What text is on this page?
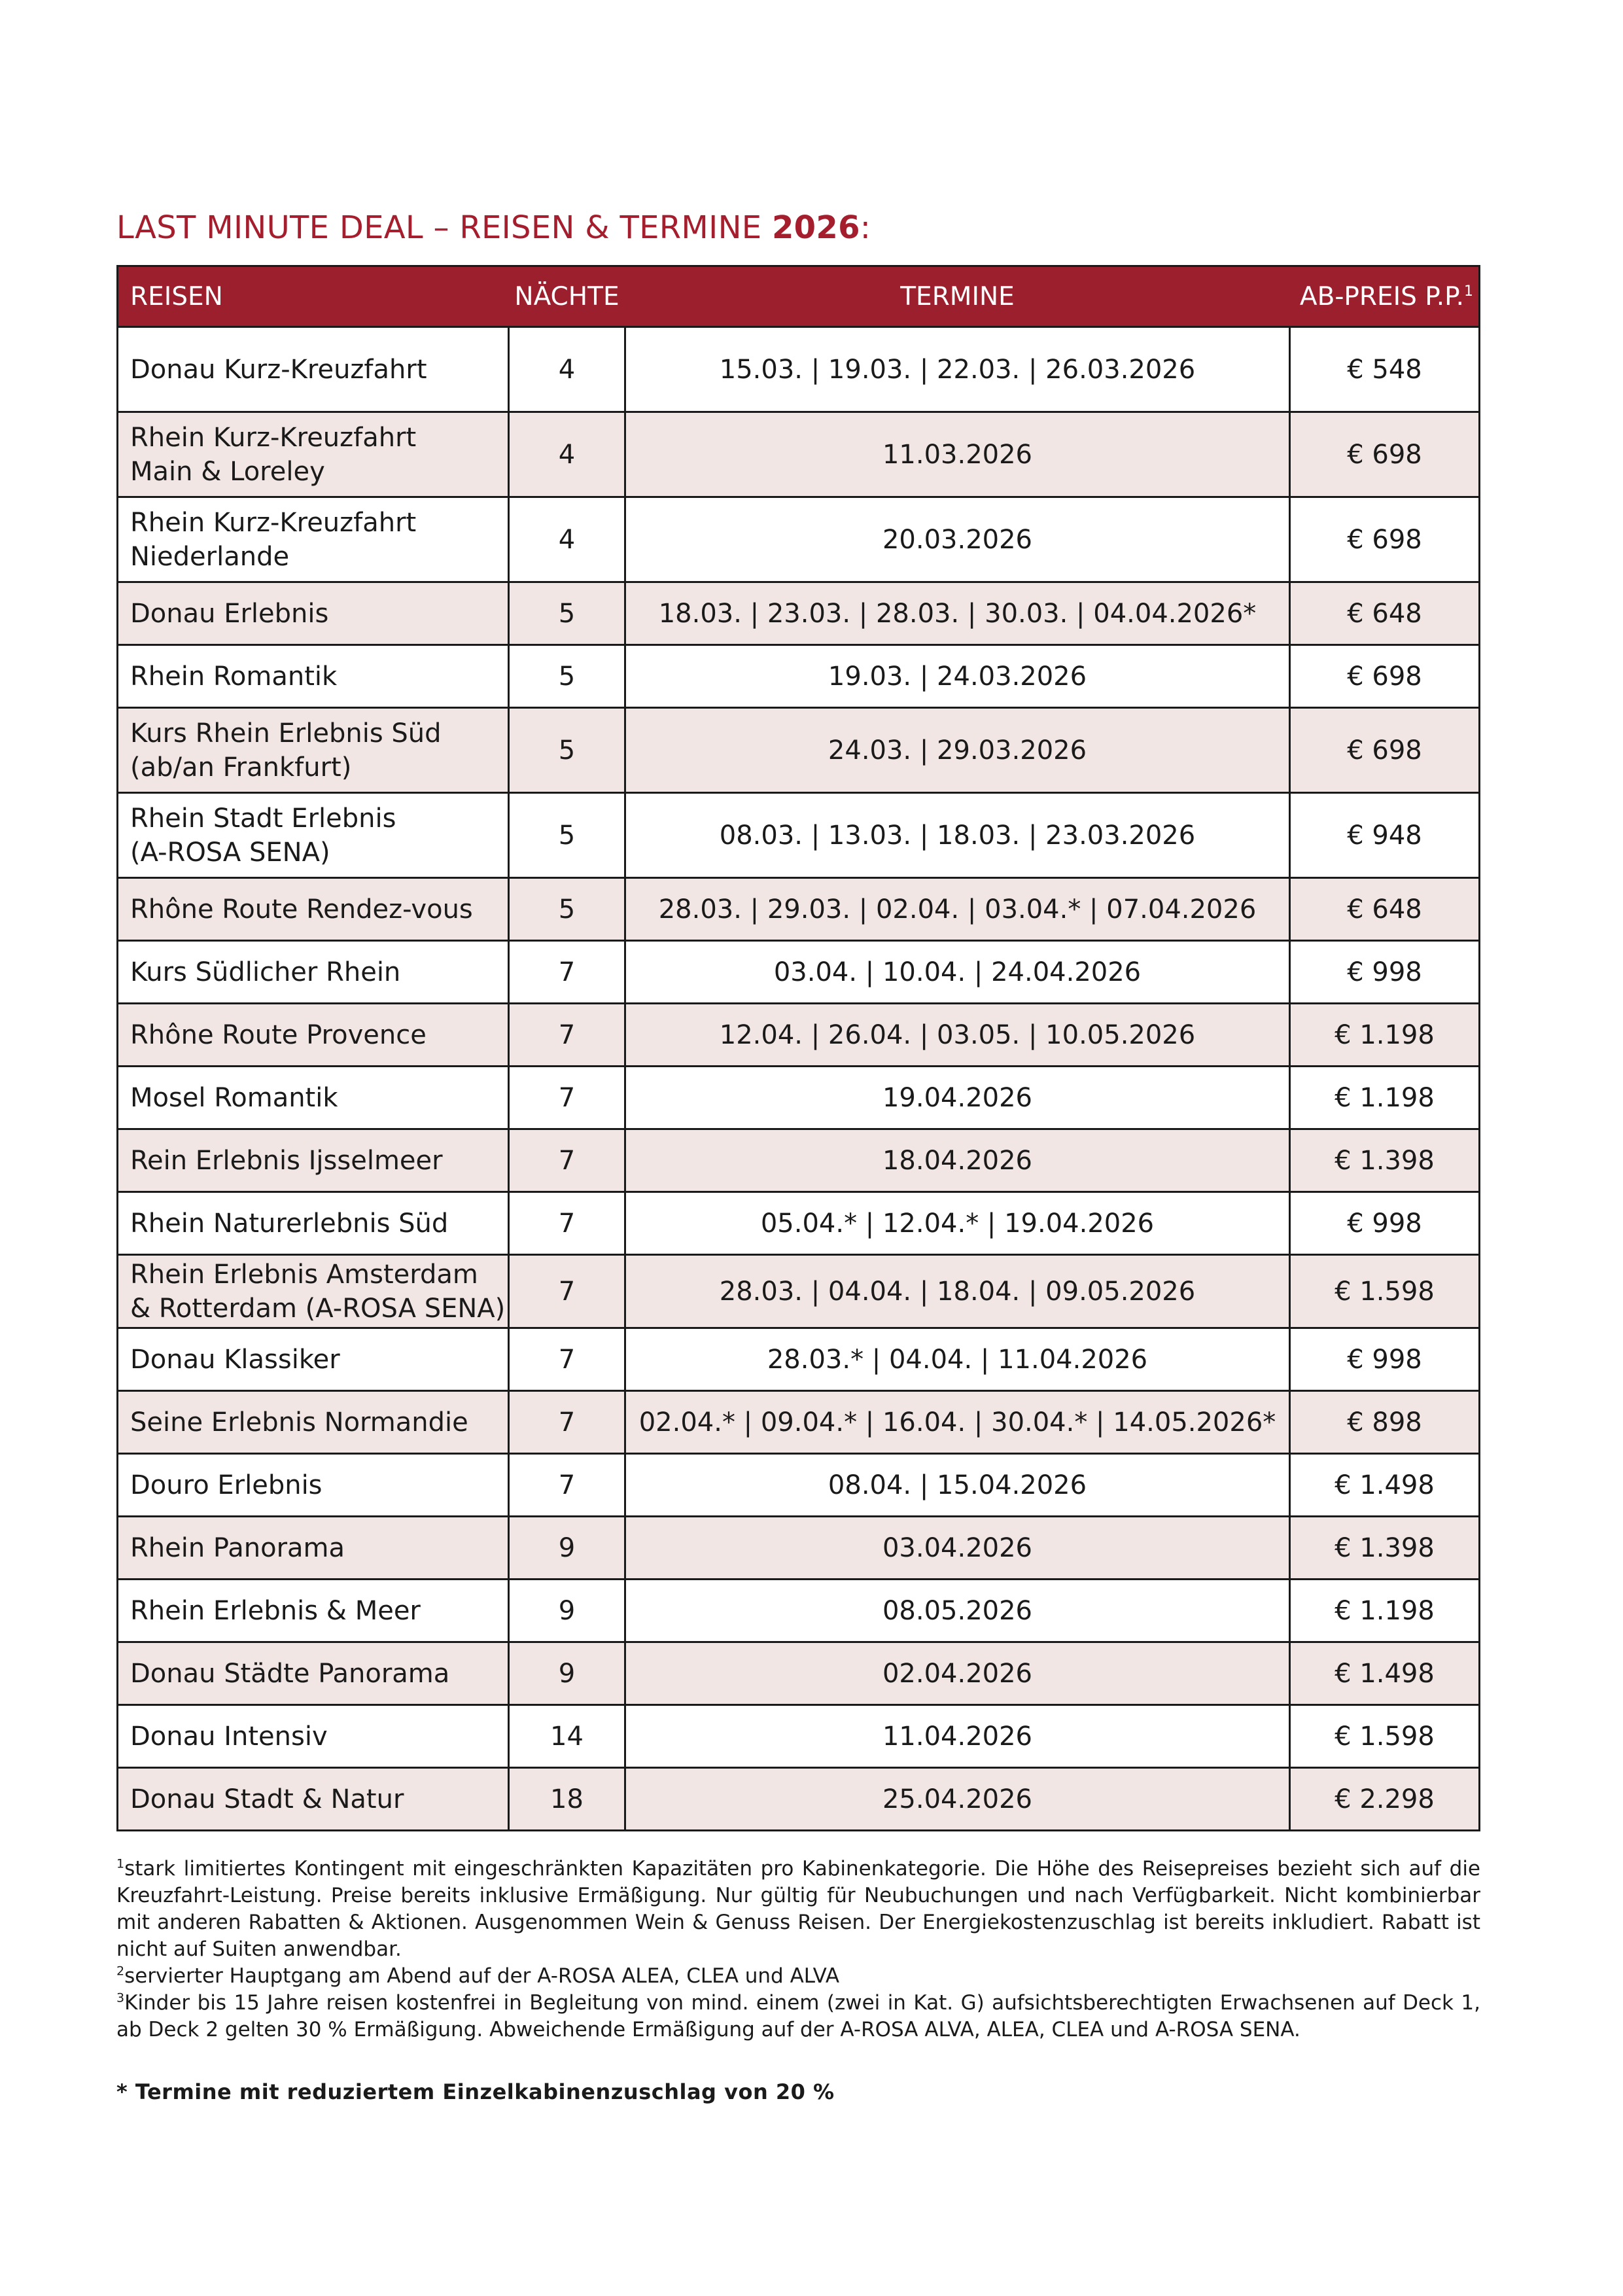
LAST MINUTE DEAL – REISEN & TERMINE 2026:
REISEN	NÄCHTE	TERMINE	AB-PREIS P.P.$^1$

Donau Kurz-Kreuzfahrt	4	15.03. | 19.03. | 22.03. | 26.03.2026	€ 548

Rhein Kurz-Kreuzfahrt
Main & Loreley	4	11.03.2026	€ 698

Rhein Kurz-Kreuzfahrt
Niederlande	4	20.03.2026	€ 698

Donau Erlebnis	5	18.03. | 23.03. | 28.03. | 30.03. | 04.04.2026*	€ 648

Rhein Romantik	5	19.03. | 24.03.2026	€ 698

Kurs Rhein Erlebnis Süd
(ab/an Frankfurt)	5	24.03. | 29.03.2026	€ 698

Rhein Stadt Erlebnis
(A-ROSA SENA)	5	08.03. | 13.03. | 18.03. | 23.03.2026	€ 948

Rhône Route Rendez-vous	5	28.03. | 29.03. | 02.04. | 03.04.* | 07.04.2026	€ 648

Kurs Südlicher Rhein	7	03.04. | 10.04. | 24.04.2026	€ 998

Rhône Route Provence	7	12.04. | 26.04. | 03.05. | 10.05.2026	€ 1.198

Mosel Romantik	7	19.04.2026	€ 1.198

Rein Erlebnis Ijsselmeer	7	18.04.2026	€ 1.398

Rhein Naturerlebnis Süd	7	05.04.* | 12.04.* | 19.04.2026	€ 998

Rhein Erlebnis Amsterdam
& Rotterdam (A-ROSA SENA)	7	28.03. | 04.04. | 18.04. | 09.05.2026	€ 1.598

Donau Klassiker	7	28.03.* | 04.04. | 11.04.2026	€ 998

Seine Erlebnis Normandie	7	02.04.* | 09.04.* | 16.04. | 30.04.* | 14.05.2026*	€ 898

Douro Erlebnis	7	08.04. | 15.04.2026	€ 1.498

Rhein Panorama	9	03.04.2026	€ 1.398

Rhein Erlebnis & Meer	9	08.05.2026	€ 1.198

Donau Städte Panorama	9	02.04.2026	€ 1.498

Donau Intensiv	14	11.04.2026	€ 1.598

Donau Stadt & Natur	18	25.04.2026	€ 2.298

$^1$stark limitiertes Kontingent mit eingeschränkten Kapazitäten pro Kabinenkategorie. Die Höhe des Reisepreises bezieht sich auf die Kreuzfahrt-Leistung. Preise bereits inklusive Ermäßigung. Nur gültig für Neubuchungen und nach Verfügbarkeit. Nicht kombinierbar mit anderen Rabatten & Aktionen. Ausgenommen Wein & Genuss Reisen. Der Energiekostenzuschlag ist bereits inkludiert. Rabatt ist nicht auf Suiten anwendbar.

$^2$servierter Hauptgang am Abend auf der A-ROSA ALEA, CLEA und ALVA

$^3$Kinder bis 15 Jahre reisen kostenfrei in Begleitung von mind. einem (zwei in Kat. G) aufsichtsberechtigten Erwachsenen auf Deck 1, ab Deck 2 gelten 30 % Ermäßigung. Abweichende Ermäßigung auf der A-ROSA ALVA, ALEA, CLEA und A-ROSA SENA.

* Termine mit reduziertem Einzelkabinenzuschlag von 20 %
